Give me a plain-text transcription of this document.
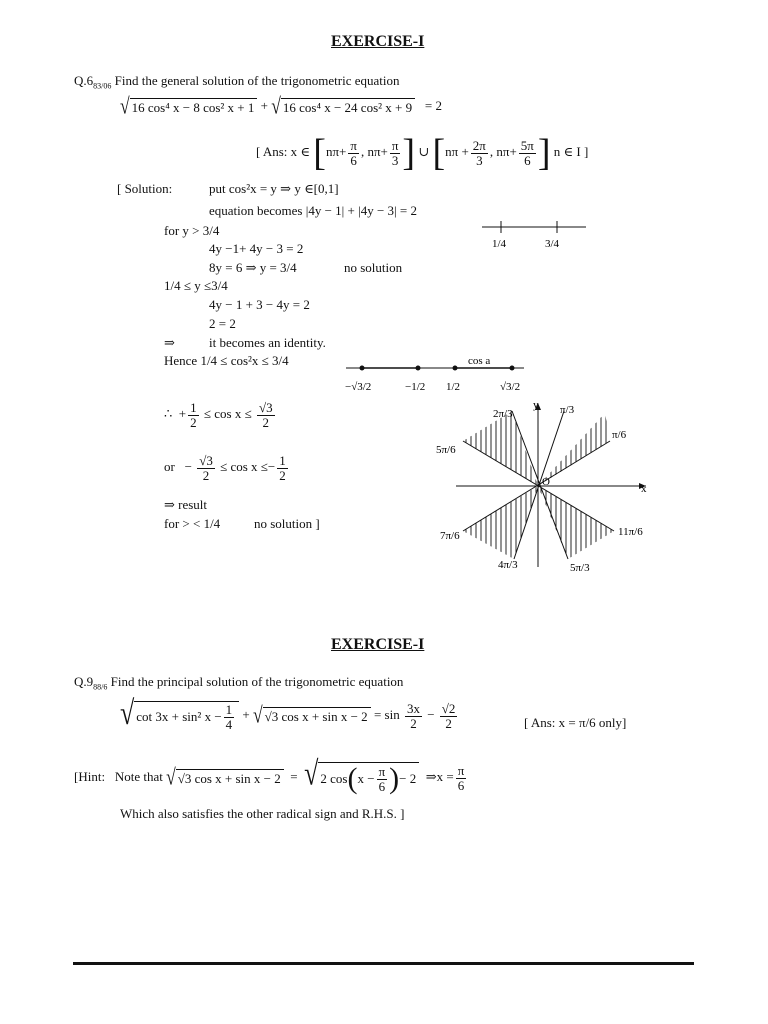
EXERCISE-I
$Q.6_{83/06}$ Find the general solution of the trigonometric equation
√ 16 cos⁴ x − 8 cos² x + 1 + √ 16 cos⁴ x − 24 cos² x + 9 = 2
[ Ans: x ∈ [$n\pi+ \frac{\pi}{6}$ , $n\pi+ \frac{\pi}{3}$ ] ∪ [$n\pi + \frac{2\pi}{3}$ , $n\pi+ \frac{5\pi}{6}$ ] n ∈ I ]
[ Solution:	put cos²x = y ⇒ y ∈[0,1]
equation becomes |4y − 1| + |4y − 3| = 2
for y > 3/4
4y −1+ 4y − 3 = 2
8y = 6 ⇒ y = 3/4	no solution
1/4 ≤ y ≤3/4
4y − 1 + 3 − 4y = 2
2 = 2
⇒	it becomes an identity.
Hence 1/4 ≤ cos²x ≤ 3/4
∴ + $\frac{1}{2} \le \cos x \le \frac{√3}{2}$
or − $\frac{√3}{2} \le \cos x \le- \frac{1}{2}$
⇒ result
for > < 1/4	no solution ]
1/4	3/4
cos a
−√3/2	−1/2 1/2	√3/2
y
x
O
2π/3	π/3
π/6
5π/6
7π/6
4π/3	5π/3
11π/6
EXERCISE-I
$Q.9_{88/6}$ Find the principal solution of the trigonometric equation
√ cot 3x + sin² $x - \frac{1}{4}$ + √ √3 $\cos x + \sin x - 2 = \sin \frac{3x}{2} - \frac{√2}{2}$	[ Ans: x = π/6 only]
[Hint: Note that √ √3 cos x + sin x − 2 = √ 2 cos ( $x - \frac{\pi}{6}$ ) − 2 ⇒x = $\frac{\pi}{6}$
Which also satisfies the other radical sign and R.H.S. ]
